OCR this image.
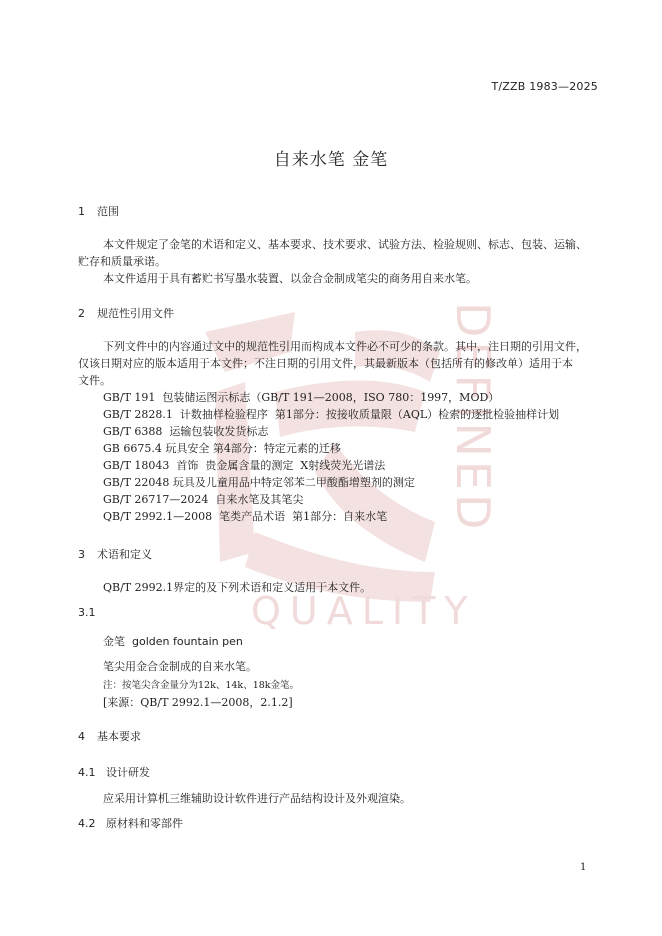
DEFINED
QUALITY
T/ZZB 1983—2025
自来水笔 金笔
1 范围
本文件规定了金笔的术语和定义、基本要求、技术要求、试验方法、检验规则、标志、包装、运输、
贮存和质量承诺。
本文件适用于具有蓄贮书写墨水装置、以金合金制成笔尖的商务用自来水笔。
2 规范性引用文件
下列文件中的内容通过文中的规范性引用而构成本文件必不可少的条款。其中，注日期的引用文件，
仅该日期对应的版本适用于本文件；不注日期的引用文件，其最新版本（包括所有的修改单）适用于本
文件。
GB/T 191  包装储运图示标志（GB/T 191—2008，ISO 780：1997，MOD）
GB/T 2828.1  计数抽样检验程序  第1部分：按接收质量限（AQL）检索的逐批检验抽样计划
GB/T 6388  运输包装收发货标志
GB 6675.4 玩具安全 第4部分：特定元素的迁移
GB/T 18043  首饰  贵金属含量的测定  X射线荧光光谱法
GB/T 22048 玩具及儿童用品中特定邻苯二甲酸酯增塑剂的测定
GB/T 26717—2024  自来水笔及其笔尖
QB/T 2992.1—2008  笔类产品术语  第1部分：自来水笔
3 术语和定义
QB/T 2992.1界定的及下列术语和定义适用于本文件。
3.1
金笔 golden fountain pen
笔尖用金合金制成的自来水笔。
注：按笔尖含金量分为12k、14k、18k金笔。
[来源：QB/T 2992.1—2008，2.1.2]
4 基本要求
4.1 设计研发
应采用计算机三维辅助设计软件进行产品结构设计及外观渲染。
4.2 原材料和零部件
1
